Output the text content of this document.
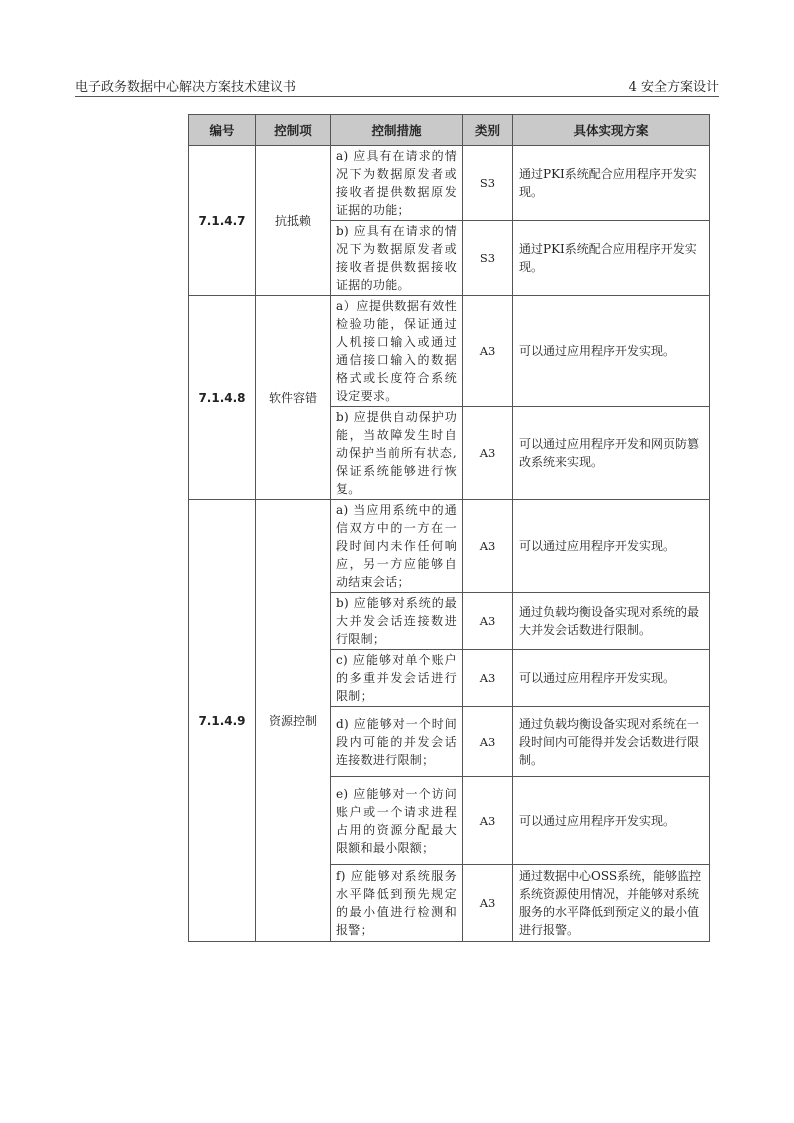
电子政务数据中心解决方案技术建议书	4 安全方案设计
编号	控制项	控制措施	类别	具体实现方案
7.1.4.7	抗抵赖	a) 应具有在请求的情况下为数据原发者或接收者提供数据原发证据的功能；	S3	通过PKI系统配合应用程序开发实现。
		b) 应具有在请求的情况下为数据原发者或接收者提供数据接收证据的功能。	S3	通过PKI系统配合应用程序开发实现。
7.1.4.8	软件容错	a）应提供数据有效性检验功能，保证通过人机接口输入或通过通信接口输入的数据格式或长度符合系统设定要求。	A3	可以通过应用程序开发实现。
		b) 应提供自动保护功能，当故障发生时自动保护当前所有状态,保证系统能够进行恢复。	A3	可以通过应用程序开发和网页防篡改系统来实现。
7.1.4.9	资源控制	a) 当应用系统中的通信双方中的一方在一段时间内未作任何响应，另一方应能够自动结束会话；	A3	可以通过应用程序开发实现。
		b) 应能够对系统的最大并发会话连接数进行限制；	A3	通过负载均衡设备实现对系统的最大并发会话数进行限制。
		c) 应能够对单个账户的多重并发会话进行限制；	A3	可以通过应用程序开发实现。
		d) 应能够对一个时间段内可能的并发会话连接数进行限制；	A3	通过负载均衡设备实现对系统在一段时间内可能得并发会话数进行限制。
		e) 应能够对一个访问账户或一个请求进程占用的资源分配最大限额和最小限额；	A3	可以通过应用程序开发实现。
		f) 应能够对系统服务水平降低到预先规定的最小值进行检测和报警；	A3	通过数据中心OSS系统，能够监控系统资源使用情况，并能够对系统服务的水平降低到预定义的最小值进行报警。
